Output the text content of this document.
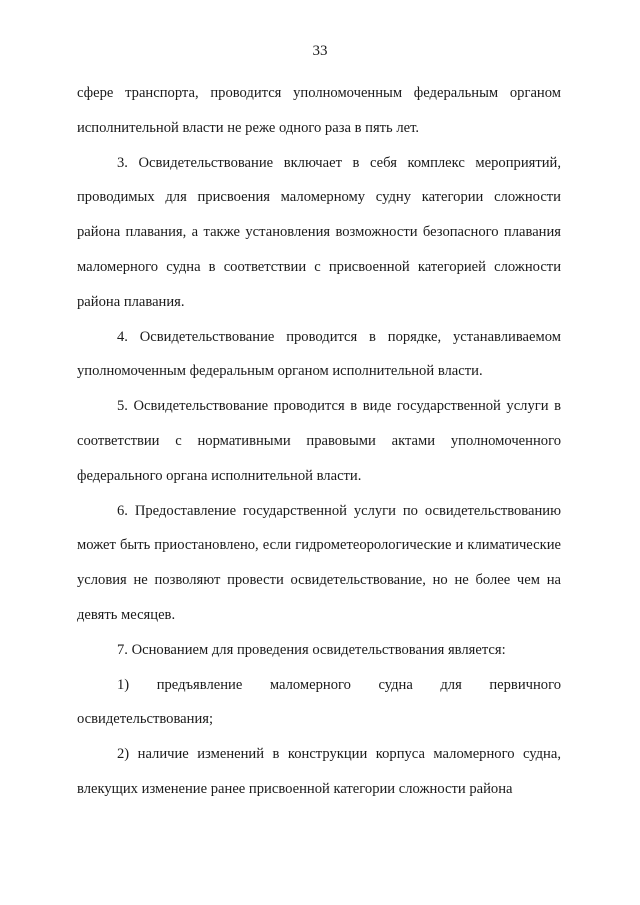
33

сфере транспорта, проводится уполномоченным федеральным органом исполнительной власти не реже одного раза в пять лет.

3. Освидетельствование включает в себя комплекс мероприятий, проводимых для присвоения маломерному судну категории сложности района плавания, а также установления возможности безопасного плавания маломерного судна в соответствии с присвоенной категорией сложности района плавания.

4. Освидетельствование проводится в порядке, устанавливаемом уполномоченным федеральным органом исполнительной власти.

5. Освидетельствование проводится в виде государственной услуги в соответствии с нормативными правовыми актами уполномоченного федерального органа исполнительной власти.

6. Предоставление государственной услуги по освидетельствованию может быть приостановлено, если гидрометеорологические и климатические условия не позволяют провести освидетельствование, но не более чем на девять месяцев.

7. Основанием для проведения освидетельствования является:

1) предъявление маломерного судна для первичного освидетельствования;

2) наличие изменений в конструкции корпуса маломерного судна, влекущих изменение ранее присвоенной категории сложности района
